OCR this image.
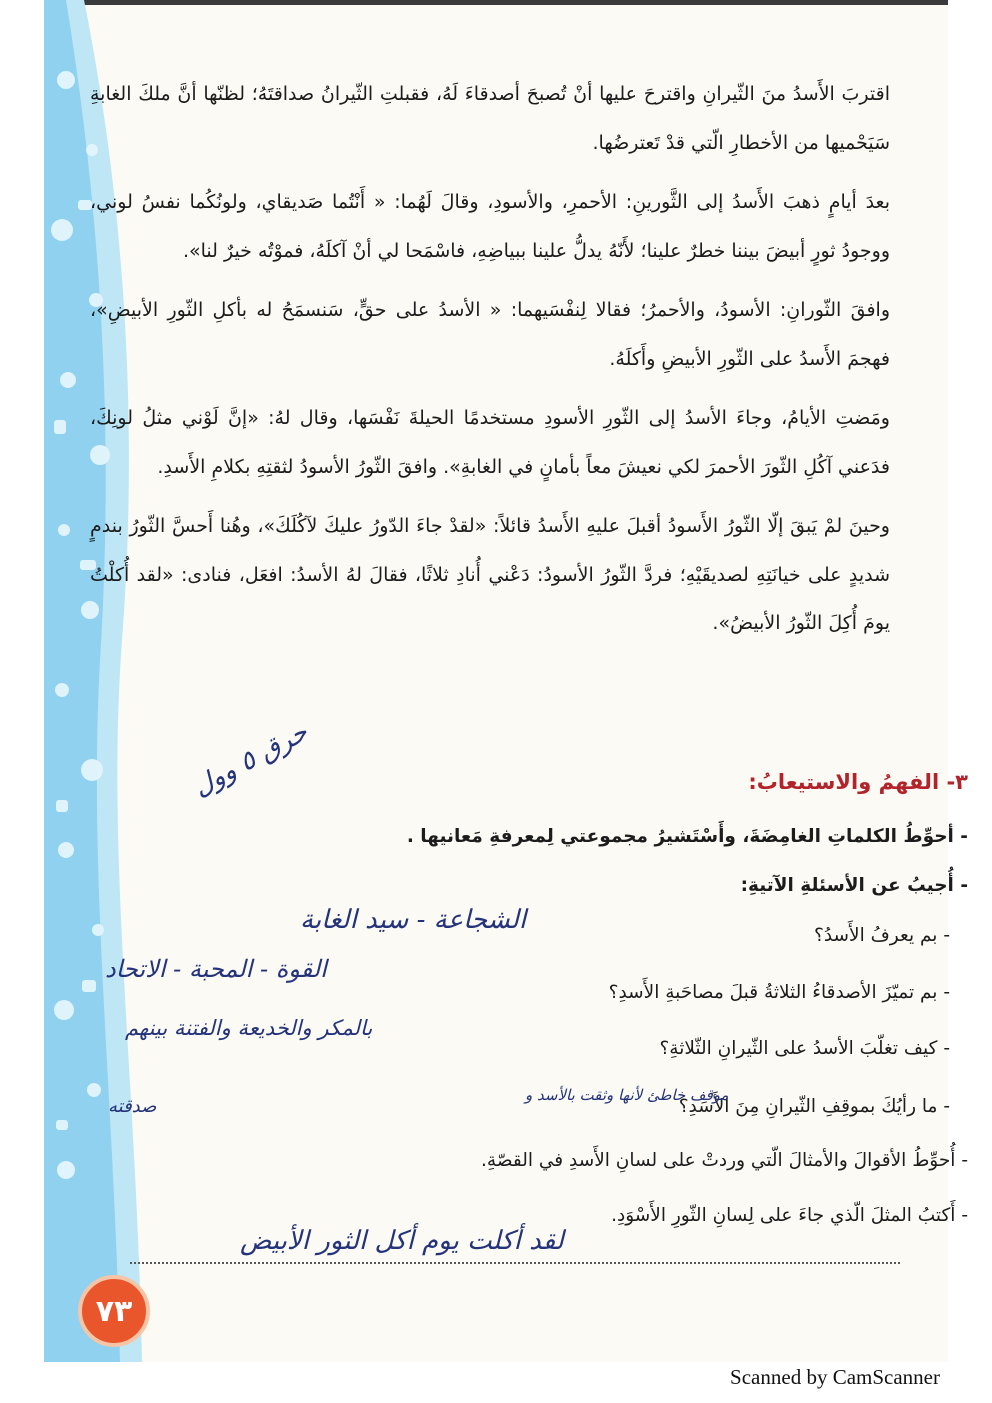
اقتربَ الأَسدُ منَ الثّيرانِ واقترحَ عليها أنْ تُصبحَ أصدقاءَ لَهُ، فقبلتِ الثّيرانُ صداقتَهُ؛ لظنّها أنَّ ملكَ الغابةِ سَيَحْميها من الأخطارِ الّتي قدْ تَعترضُها.

بعدَ أيامٍ ذهبَ الأَسدُ إلى الثَّورينِ: الأحمرِ، والأسودِ، وقالَ لَهُما: « أَنْتُما صَديقاي، ولونُكُما نفسُ لوني، ووجودُ ثورٍ أبيضَ بيننا خطرٌ علينا؛ لأَنّهُ يدلُّ علينا ببياضِهِ، فاسْمَحا لي أنْ آكلَهُ، فموْتُه خيرٌ لنا».

وافقَ الثّورانِ: الأسودُ، والأحمرُ؛ فقالا لِنفْسَيهما: « الأسدُ على حقٍّ، سَنسمَحُ له بأكلِ الثّورِ الأبيضِ»، فهجمَ الأَسدُ على الثّورِ الأبيضِ وأَكلَهُ.

ومَضتِ الأيامُ، وجاءَ الأسدُ إلى الثّورِ الأسودِ مستخدمًا الحيلةَ نَفْسَها، وقال لهُ: «إنَّ لَوْني مثلُ لونِكَ، فدَعني آكُلِ الثّورَ الأحمرَ لكي نعيشَ معاً بأمانٍ في الغابةِ». وافقَ الثّورُ الأسودُ لثقتِهِ بكلامِ الأَسدِ.

وحينَ لمْ يَبقَ إلّا الثّورُ الأَسودُ أقبلَ عليهِ الأَسدُ قائلاً: «لقدْ جاءَ الدّورُ عليكَ لآكُلَكَ»، وهُنا أَحسَّ الثّورُ بندمٍ شديدٍ على خيانَتِهِ لصديقَيْهِ؛ فردَّ الثّورُ الأسودُ: دَعْني أُنادِ ثلاثًا، فقالَ لهُ الأسدُ: افعَل، فنادى: «لقد أُكلْتُ يومَ أُكِلَ الثّورُ الأبيضُ».

٣- الفهمُ والاستيعابُ:
- أحوِّطُ الكلماتِ الغامِضَةَ، وأَسْتَشيرُ مجموعتي لِمعرفةِ مَعانيها .
- أُجيبُ عن الأسئلةِ الآتيةِ:
- بم يعرفُ الأَسدُ؟
- بم تميّزَ الأصدقاءُ الثلاثةُ قبلَ مصاحَبةِ الأَسدِ؟
- كيف تغلّبَ الأسدُ على الثّيرانِ الثّلاثةِ؟
- ما رأيُكَ بموقِفِ الثّيرانِ مِنَ الأَسَدِ؟
- أُحوِّطُ الأقوالَ والأمثالَ الّتي وردتْ على لسانِ الأَسدِ في القصّةِ.
- أَكتبُ المثلَ الّذي جاءَ على لِسانِ الثّورِ الأَسْوَدِ.
الشجاعة - سيد الغابة
القوة - المحبة - الاتحاد
بالمكر والخديعة والفتنة بينهم
موقف خاطئ لأنها وثقت بالأسد و
صدقته
لقد أكلت يوم أكل الثور الأبيض
حرق ٥ وول
٧٣
Scanned by CamScanner
